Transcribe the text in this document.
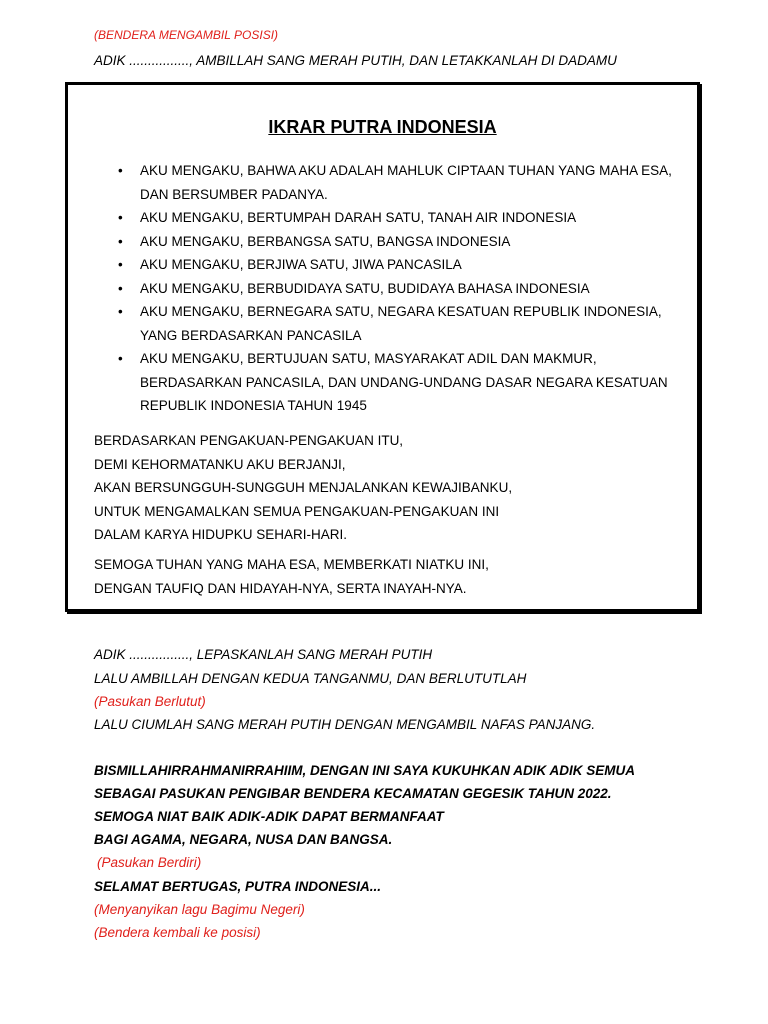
(BENDERA MENGAMBIL POSISI)
ADIK ................, AMBILLAH SANG MERAH PUTIH, DAN LETAKKANLAH DI DADAMU
IKRAR PUTRA INDONESIA
• AKU MENGAKU, BAHWA AKU ADALAH MAHLUK CIPTAAN TUHAN YANG MAHA ESA, DAN BERSUMBER PADANYA.
• AKU MENGAKU, BERTUMPAH DARAH SATU, TANAH AIR INDONESIA
• AKU MENGAKU, BERBANGSA SATU, BANGSA INDONESIA
• AKU MENGAKU, BERJIWA SATU, JIWA PANCASILA
• AKU MENGAKU, BERBUDIDAYA SATU, BUDIDAYA BAHASA INDONESIA
• AKU MENGAKU, BERNEGARA SATU, NEGARA KESATUAN REPUBLIK INDONESIA, YANG BERDASARKAN PANCASILA
• AKU MENGAKU, BERTUJUAN SATU, MASYARAKAT ADIL DAN MAKMUR, BERDASARKAN PANCASILA, DAN UNDANG-UNDANG DASAR NEGARA KESATUAN REPUBLIK INDONESIA TAHUN 1945
BERDASARKAN PENGAKUAN-PENGAKUAN ITU,
DEMI KEHORMATANKU AKU BERJANJI,
AKAN BERSUNGGUH-SUNGGUH MENJALANKAN KEWAJIBANKU,
UNTUK MENGAMALKAN SEMUA PENGAKUAN-PENGAKUAN INI
DALAM KARYA HIDUPKU SEHARI-HARI.
SEMOGA TUHAN YANG MAHA ESA, MEMBERKATI NIATKU INI,
DENGAN TAUFIQ DAN HIDAYAH-NYA, SERTA INAYAH-NYA.
ADIK ................, LEPASKANLAH SANG MERAH PUTIH
LALU AMBILLAH DENGAN KEDUA TANGANMU, DAN BERLUTUTLAH
(Pasukan Berlutut)
LALU CIUMLAH SANG MERAH PUTIH DENGAN MENGAMBIL NAFAS PANJANG.
BISMILLAHIRRAHMANIRRAHIIM, DENGAN INI SAYA KUKUHKAN ADIK ADIK SEMUA
SEBAGAI PASUKAN PENGIBAR BENDERA KECAMATAN GEGESIK TAHUN 2022.
SEMOGA NIAT BAIK ADIK-ADIK DAPAT BERMANFAAT
BAGI AGAMA, NEGARA, NUSA DAN BANGSA.
(Pasukan Berdiri)
SELAMAT BERTUGAS, PUTRA INDONESIA...
(Menyanyikan lagu Bagimu Negeri)
(Bendera kembali ke posisi)
